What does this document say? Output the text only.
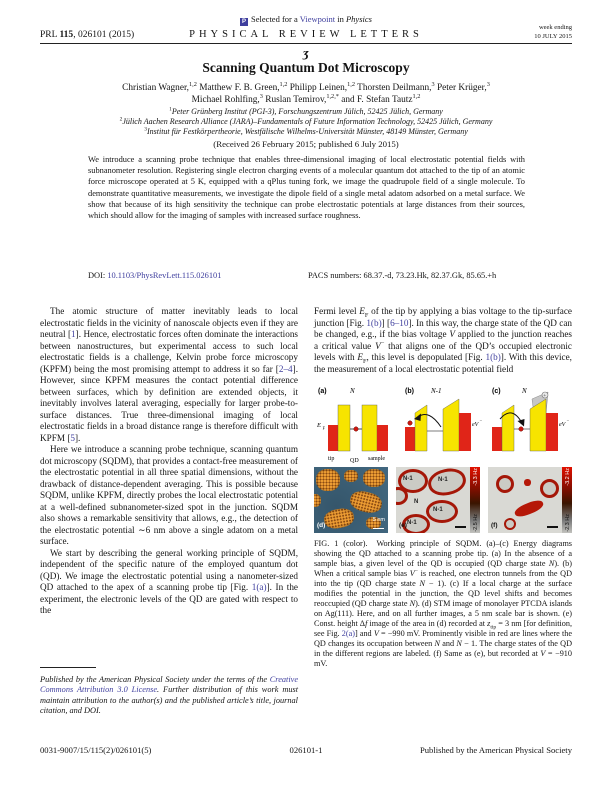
P Selected for a Viewpoint in Physics
PRL 115, 026101 (2015)	PHYSICAL REVIEW LETTERS
week ending
10 JULY 2015
ʒ
Scanning Quantum Dot Microscopy
Christian Wagner,$^{1,2}$ Matthew F. B. Green,$^{1,2}$ Philipp Leinen,$^{1,2}$ Thorsten Deilmann,$^3$ Peter Krüger,$^3$
Michael Rohlfing,$^3$ Ruslan Temirov,$^{1,2,*}$ and F. Stefan Tautz$^{1,2}$
$^1$Peter Grünberg Institut (PGI-3), Forschungszentrum Jülich, 52425 Jülich, Germany
$^2$Jülich Aachen Research Alliance (JARA)–Fundamentals of Future Information Technology, 52425 Jülich, Germany
$^3$Institut für Festkörpertheorie, Westfälische Wilhelms-Universität Münster, 48149 Münster, Germany
(Received 26 February 2015; published 6 July 2015)
We introduce a scanning probe technique that enables three-dimensional imaging of local electrostatic potential fields with subnanometer resolution. Registering single electron charging events of a molecular quantum dot attached to the tip of an atomic force microscope operated at 5 K, equipped with a qPlus tuning fork, we image the quadrupole field of a single molecule. To demonstrate quantitative measurements, we investigate the dipole field of a single metal adatom adsorbed on a metal surface. We show that because of its high sensitivity the technique can probe electrostatic potentials at large distances from their sources, which should allow for the imaging of samples with increased surface roughness.
DOI: 10.1103/PhysRevLett.115.026101	PACS numbers: 68.37.-d, 73.23.Hk, 82.37.Gk, 85.65.+h

The atomic structure of matter inevitably leads to local electrostatic fields in the vicinity of nanoscale objects even if they are neutral [1]. Hence, electrostatic forces often dominate the interactions between nanostructures, but experimental access to such local electrostatic fields is a challenge, Kelvin probe force microscopy (KPFM) being the most promising attempt to address it so far [2–4]. However, since KPFM measures the contact potential difference between surfaces, which by definition are extended objects, it inevitably involves lateral averaging, especially for larger probe-to-surface distances. True three-dimensional imaging of local electrostatic fields in a broad distance range is therefore difficult with KPFM [5].

Here we introduce a scanning probe technique, scanning quantum dot microscopy (SQDM), that provides a contact-free measurement of the electrostatic potential in all three spatial dimensions, without the drawback of distance-dependent averaging. This is possible because SQDM, unlike KPFM, directly probes the local electrostatic potential at a well-defined subnanometer-sized spot in the junction. SQDM also shows a remarkable sensitivity that allows, e.g., the detection of the electrostatic potential ∼6 nm above a single adatom on a metal surface.

We start by describing the general working principle of SQDM, independent of the specific nature of the employed quantum dot (QD). We image the electrostatic potential using a nanometer-sized QD attached to the apex of a scanning probe tip [Fig. 1(a)]. In the experiment, the electronic levels of the QD are gated with respect to the

Published by the American Physical Society under the terms of the Creative Commons Attribution 3.0 License. Further distribution of this work must maintain attribution to the author(s) and the published article’s title, journal citation, and DOI.

Fermi level $E_F$ of the tip by applying a bias voltage to the tip-surface junction [Fig. 1(b)] [6–10]. In this way, the charge state of the QD can be changed, e.g., if the bias voltage V applied to the junction reaches a critical value V− that aligns one of the QD’s occupied electronic levels with $E_F$, this level is depopulated [Fig. 1(b)]. With this device, the measurement of a local electrostatic potential field

(a)	N
E F
tip	QD sample
(b) N-1
eV
−
(c)	N
+
eV
−
(d)
5 nm
N-1	N-1
N
N-1
N-1
(e)
-3.3 Hz
-2.5 Hz	(f)
-3.2 Hz
-2.3 Hz
FIG. 1 (color).  Working principle of SQDM. (a)–(c) Energy diagrams showing the QD attached to a scanning probe tip. (a) In the absence of a sample bias, a given level of the QD is occupied (QD charge state N). (b) When a critical sample bias V− is reached, one electron tunnels from the QD into the tip (QD charge state N − 1). (c) If a local charge at the surface modifies the potential in the junction, the QD level shifts and becomes reoccupied (QD charge state N). (d) STM image of monolayer PTCDA islands on Ag(111). Here, and on all further images, a 5 nm scale bar is shown. (e) Const. height Δf image of the area in (d) recorded at $z_{tip} = 3$ nm [for definition, see Fig. 2(a)] and V = −990 mV. Prominently visible in red are lines where the QD changes its occupation between N and N − 1. The charge states of the QD in the different regions are labeled. (f) Same as (e), but recorded at V = −910 mV.
0031-9007/15/115(2)/026101(5)	026101-1	Published by the American Physical Society
